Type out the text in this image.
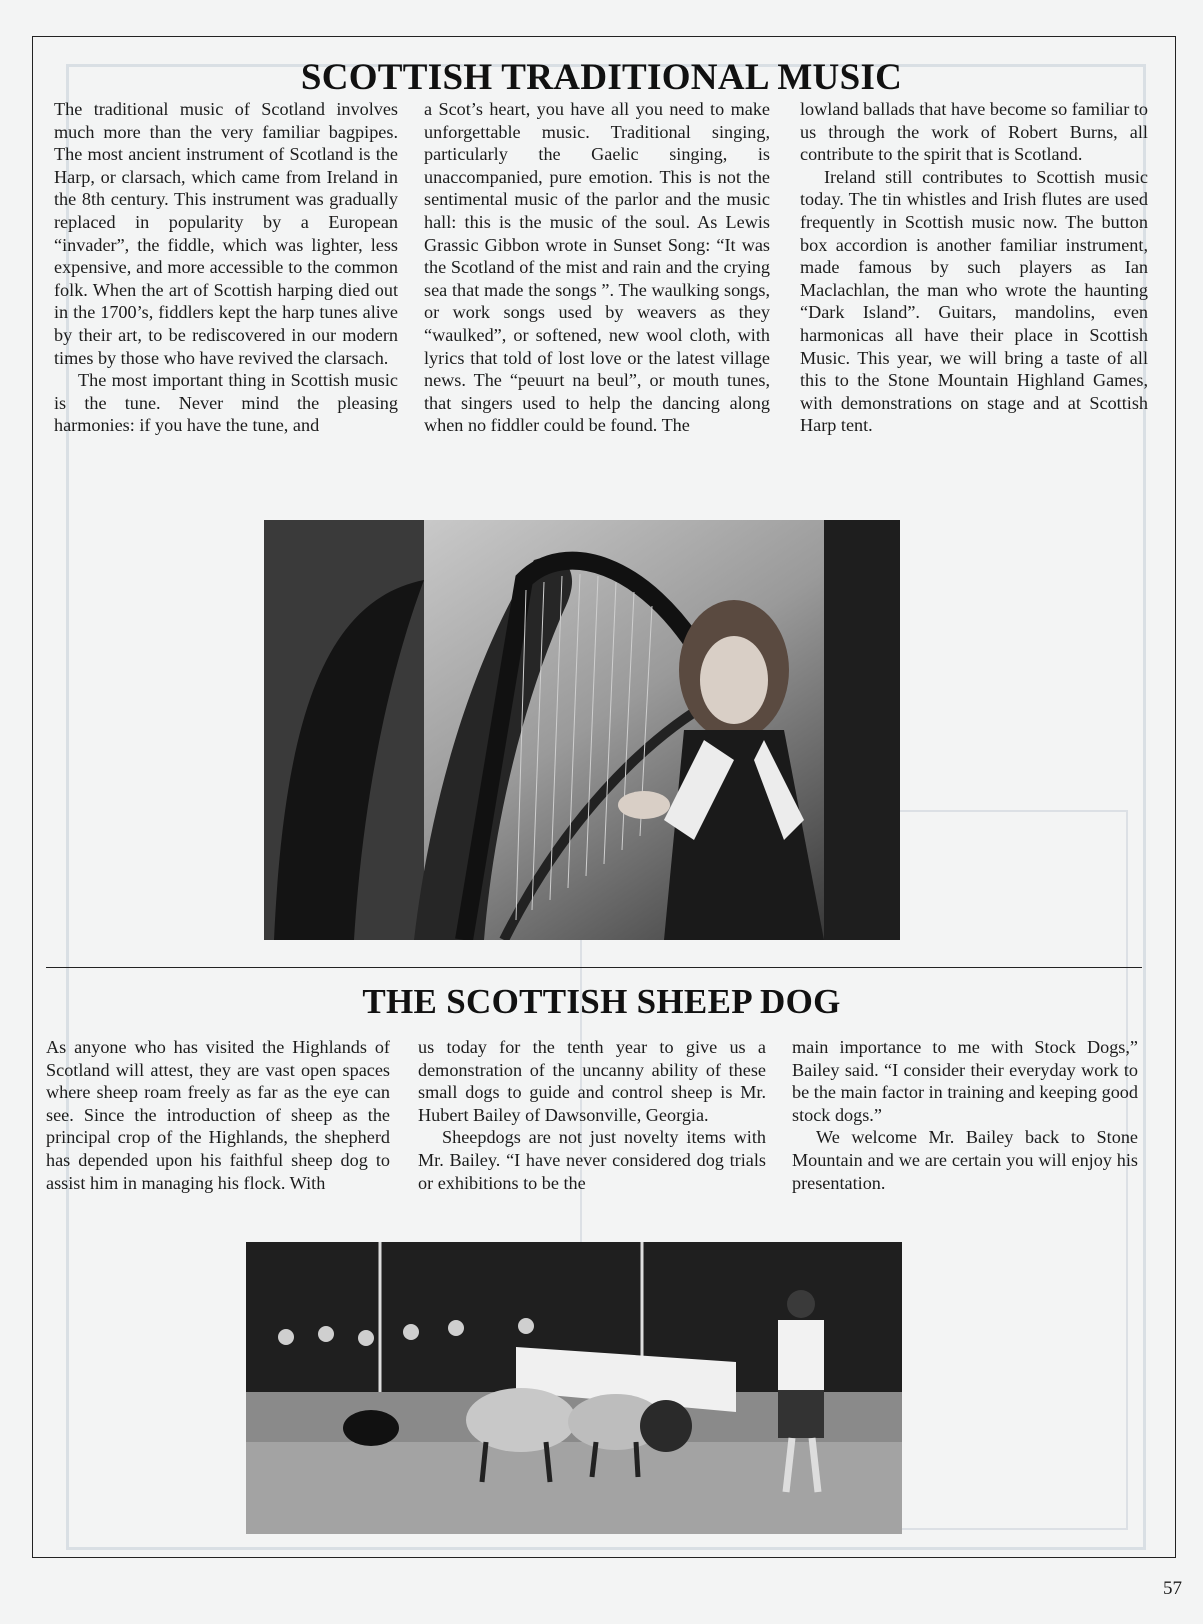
SCOTTISH TRADITIONAL MUSIC

The traditional music of Scotland involves much more than the very familiar bagpipes. The most ancient instrument of Scotland is the Harp, or clarsach, which came from Ireland in the 8th century. This instrument was gradually replaced in popularity by a European “invader”, the fiddle, which was lighter, less expensive, and more accessible to the common folk. When the art of Scottish harping died out in the 1700’s, fiddlers kept the harp tunes alive by their art, to be rediscovered in our modern times by those who have revived the clarsach.

The most important thing in Scottish music is the tune. Never mind the pleasing harmonies: if you have the tune, and

a Scot’s heart, you have all you need to make unforgettable music. Traditional singing, particularly the Gaelic singing, is unaccompanied, pure emotion. This is not the sentimental music of the parlor and the music hall: this is the music of the soul. As Lewis Grassic Gibbon wrote in Sunset Song: “It was the Scotland of the mist and rain and the crying sea that made the songs ”. The waulking songs, or work songs used by weavers as they “waulked”, or softened, new wool cloth, with lyrics that told of lost love or the latest village news. The “peuurt na beul”, or mouth tunes, that singers used to help the dancing along when no fiddler could be found. The

lowland ballads that have become so familiar to us through the work of Robert Burns, all contribute to the spirit that is Scotland.

Ireland still contributes to Scottish music today. The tin whistles and Irish flutes are used frequently in Scottish music now. The button box accordion is another familiar instrument, made famous by such players as Ian Maclachlan, the man who wrote the haunting “Dark Island”. Guitars, mandolins, even harmonicas all have their place in Scottish Music. This year, we will bring a taste of all this to the Stone Mountain Highland Games, with demonstrations on stage and at Scottish Harp tent.

THE SCOTTISH SHEEP DOG

As anyone who has visited the Highlands of Scotland will attest, they are vast open spaces where sheep roam freely as far as the eye can see. Since the introduction of sheep as the principal crop of the Highlands, the shepherd has depended upon his faithful sheep dog to assist him in managing his flock. With

us today for the tenth year to give us a demonstration of the uncanny ability of these small dogs to guide and control sheep is Mr. Hubert Bailey of Dawsonville, Georgia.

Sheepdogs are not just novelty items with Mr. Bailey. “I have never considered dog trials or exhibitions to be the

main importance to me with Stock Dogs,” Bailey said. “I consider their everyday work to be the main factor in training and keeping good stock dogs.”

We welcome Mr. Bailey back to Stone Mountain and we are certain you will enjoy his presentation.

57
